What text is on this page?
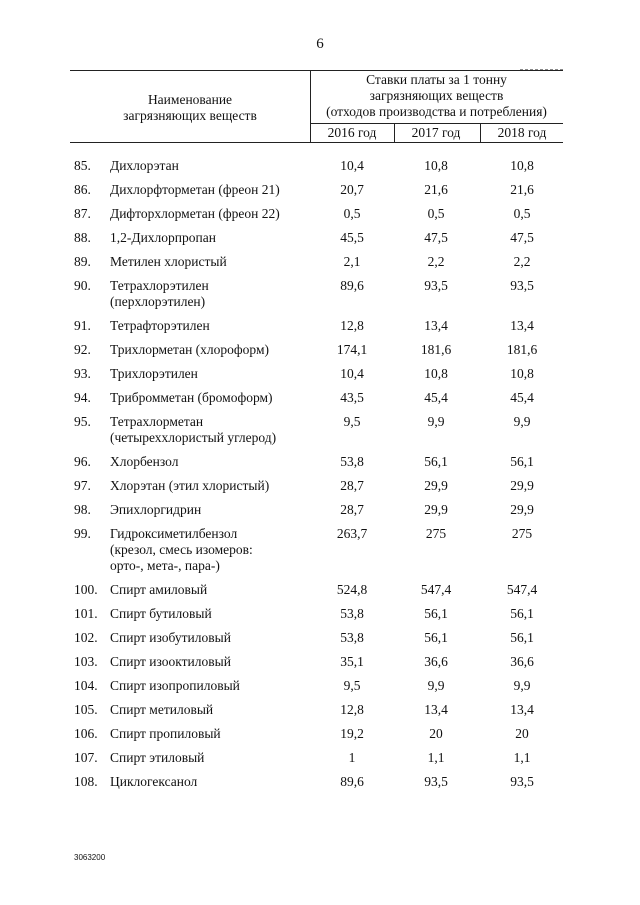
6
Наименование
загрязняющих веществ
Ставки платы за 1 тонну
загрязняющих веществ
(отходов производства и потребления)
2016 год	2017 год	2018 год
85.	Дихлорэтан	10,4	10,8	10,8
86.	Дихлорфторметан (фреон 21)	20,7	21,6	21,6
87.	Дифторхлорметан (фреон 22)	0,5	0,5	0,5
88.	1,2-Дихлорпропан	45,5	47,5	47,5
89.	Метилен хлористый	2,1	2,2	2,2
90.	Тетрахлорэтилен
(перхлорэтилен)
89,6	93,5	93,5
91.	Тетрафторэтилен	12,8	13,4	13,4
92.	Трихлорметан (хлороформ)	174,1	181,6	181,6
93.	Трихлорэтилен	10,4	10,8	10,8
94.	Трибромметан (бромоформ)	43,5	45,4	45,4
95.	Тетрахлорметан
(четыреххлористый углерод)
9,5	9,9	9,9
96.	Хлорбензол	53,8	56,1	56,1
97.	Хлорэтан (этил хлористый)	28,7	29,9	29,9
98.	Эпихлоргидрин	28,7	29,9	29,9
99.	Гидроксиметилбензол
(крезол, смесь изомеров:
орто-, мета-, пара-)
263,7	275	275
100. Спирт амиловый	524,8	547,4	547,4
101. Спирт бутиловый	53,8	56,1	56,1
102. Спирт изобутиловый	53,8	56,1	56,1
103. Спирт изооктиловый	35,1	36,6	36,6
104. Спирт изопропиловый	9,5	9,9	9,9
105. Спирт метиловый	12,8	13,4	13,4
106. Спирт пропиловый	19,2	20	20
107. Спирт этиловый	1	1,1	1,1
108. Циклогексанол	89,6	93,5	93,5
3063200
